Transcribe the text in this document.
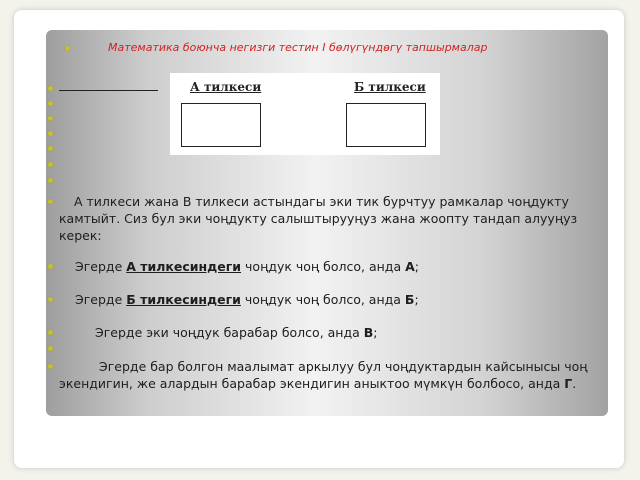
Математика боюнча негизги тестин I бөлүгүндөгү тапшырмалар
А тилкеси	Б тилкеси
А тилкеси жана В тилкеси астындагы эки тик бурчтуу рамкалар чоңдукту камтыйт. Сиз бул эки чоңдукту салыштырууңуз жана жоопту тандап алууңуз керек:
Эгерде А тилкесиндеги чоңдук чоң болсо, анда А;
Эгерде Б тилкесиндеги чоңдук чоң болсо, анда Б;
Эгерде эки чоңдук барабар болсо, анда В;
Эгерде бар болгон маалымат аркылуу бул чоңдуктардын кайсынысы чоң экендигин, же алардын барабар экендигин аныктоо мүмкүн болбосо, анда Г.
